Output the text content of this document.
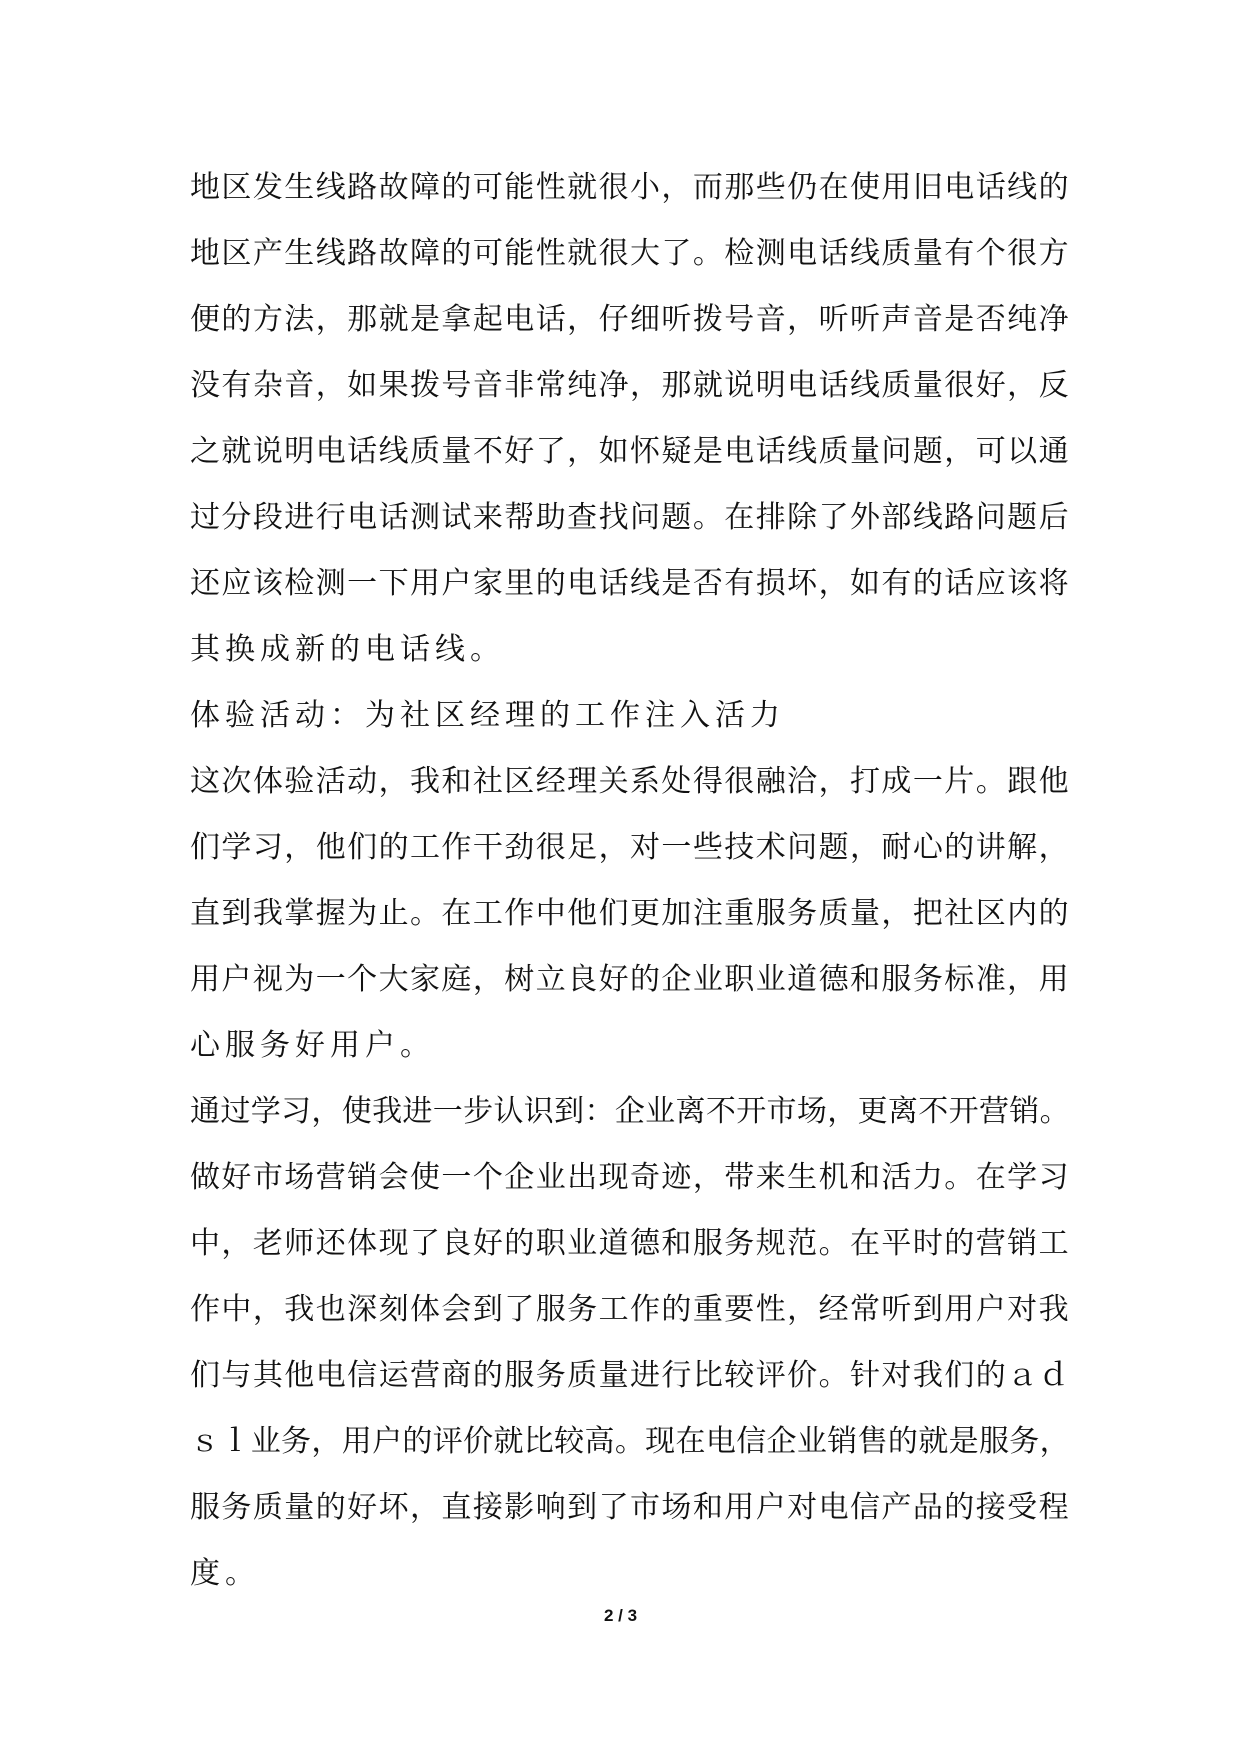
地区发生线路故障的可能性就很小，而那些仍在使用旧电话线的
地区产生线路故障的可能性就很大了。检测电话线质量有个很方
便的方法，那就是拿起电话，仔细听拨号音，听听声音是否纯净
没有杂音，如果拨号音非常纯净，那就说明电话线质量很好，反
之就说明电话线质量不好了，如怀疑是电话线质量问题，可以通
过分段进行电话测试来帮助查找问题。在排除了外部线路问题后
还应该检测一下用户家里的电话线是否有损坏，如有的话应该将
其换成新的电话线。
体验活动：为社区经理的工作注入活力
这次体验活动，我和社区经理关系处得很融洽，打成一片。跟他
们学习，他们的工作干劲很足，对一些技术问题，耐心的讲解，
直到我掌握为止。在工作中他们更加注重服务质量，把社区内的
用户视为一个大家庭，树立良好的企业职业道德和服务标准，用
心服务好用户。
通过学习，使我进一步认识到：企业离不开市场，更离不开营销。
做好市场营销会使一个企业出现奇迹，带来生机和活力。在学习
中，老师还体现了良好的职业道德和服务规范。在平时的营销工
作中，我也深刻体会到了服务工作的重要性，经常听到用户对我
们与其他电信运营商的服务质量进行比较评价。针对我们的ａｄ
ｓｌ业务，用户的评价就比较高。现在电信企业销售的就是服务，
服务质量的好坏，直接影响到了市场和用户对电信产品的接受程
度。
2 / 3
